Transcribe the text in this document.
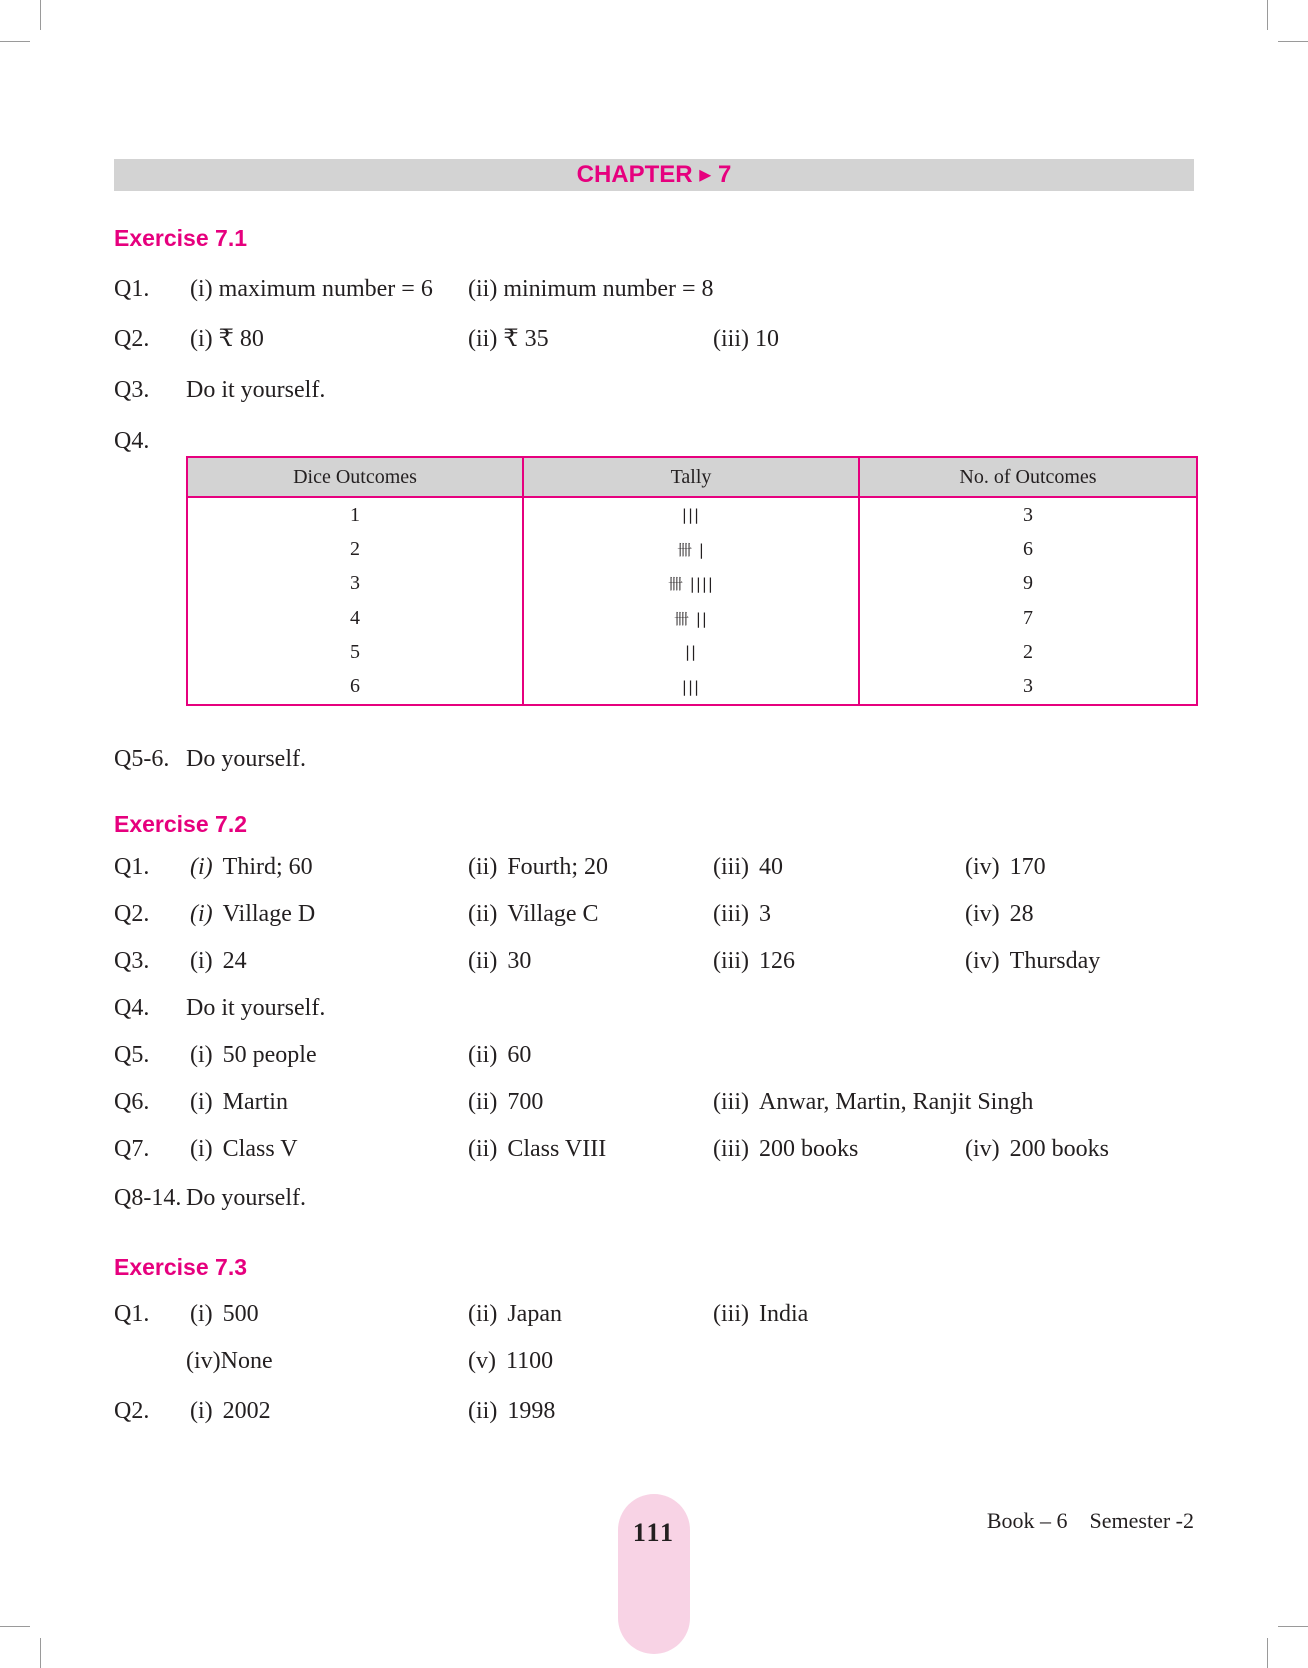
CHAPTER ▸ 7
Exercise 7.1
Q1. (i) maximum number = 6 (ii) minimum number = 8
Q2. (i) ₹ 80	(ii) ₹ 35	(iii) 10
Q3. Do it yourself.
Q4.
Dice Outcomes	Tally	No. of Outcomes
1	|||	3
2	卌 |	6
3	卌 ||||	9
4	卌 ||	7
5	||	2
6	|||	3
Q5-6. Do yourself.
Exercise 7.2
Q1. (i) Third; 60	(ii) Fourth; 20	(iii) 40	(iv) 170
Q2. (i) Village D	(ii) Village C	(iii) 3	(iv) 28
Q3. (i) 24	(ii) 30	(iii) 126	(iv) Thursday
Q4. Do it yourself.
Q5. (i) 50 people	(ii) 60
Q6. (i) Martin	(ii) 700	(iii) Anwar, Martin, Ranjit Singh
Q7. (i) Class V	(ii) Class VIII	(iii) 200 books	(iv) 200 books
Q8-14. Do yourself.
Exercise 7.3
Q1. (i) 500	(ii) Japan	(iii) India
(iv)None	(v) 1100
Q2. (i) 2002	(ii) 1998
111	Book – 6 Semester -2
